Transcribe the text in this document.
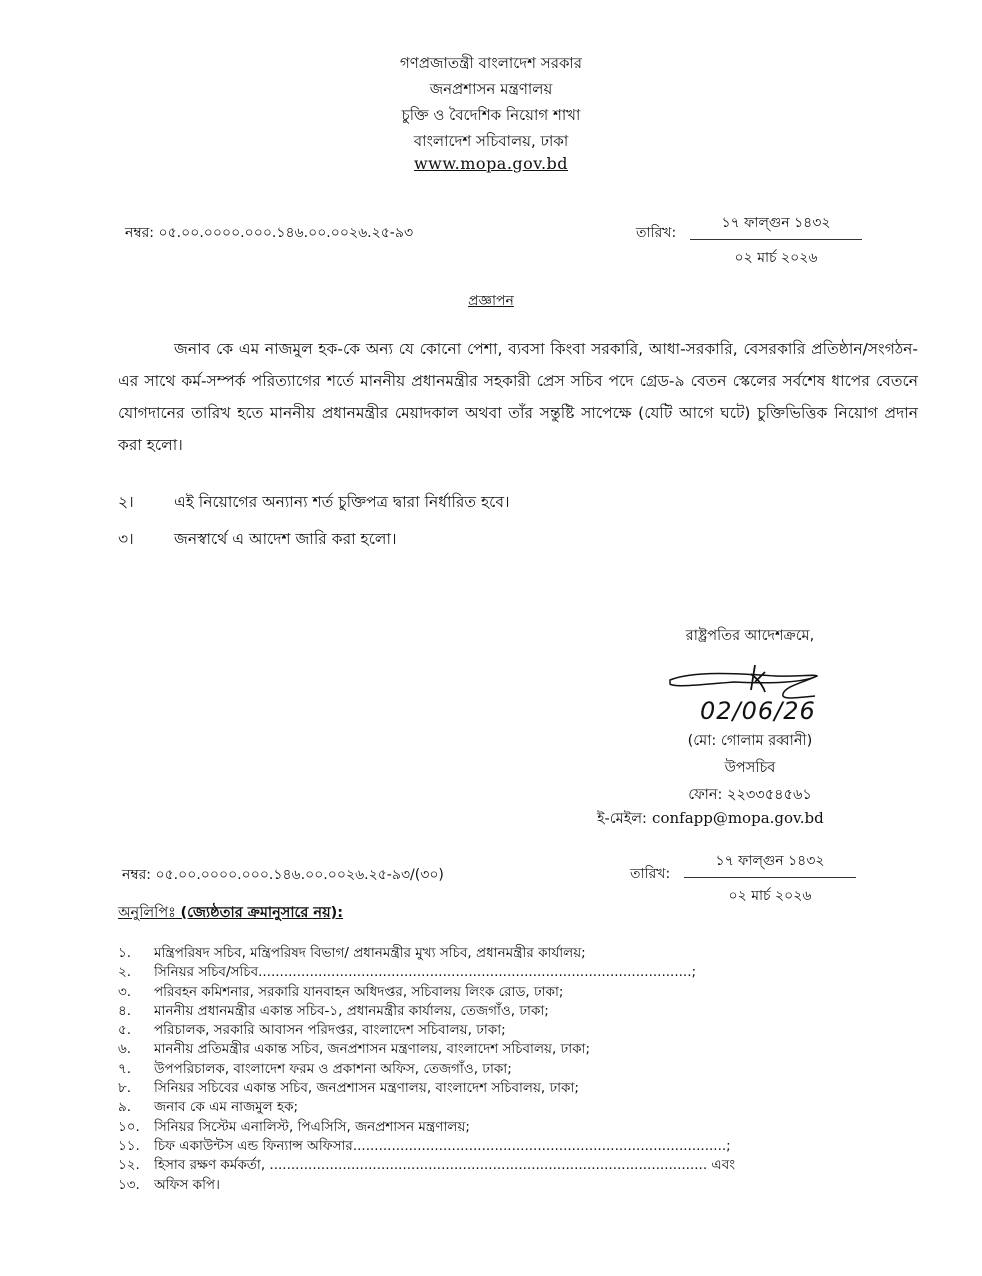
গণপ্রজাতন্ত্রী বাংলাদেশ সরকার
জনপ্রশাসন মন্ত্রণালয়
চুক্তি ও বৈদেশিক নিয়োগ শাখা
বাংলাদেশ সচিবালয়, ঢাকা
www.mopa.gov.bd
নম্বর: ০৫.০০.০০০০.০০০.১৪৬.০০.০০২৬.২৫-৯৩	তারিখ:
১৭ ফাল্গুন ১৪৩২
০২ মার্চ ২০২৬
প্রজ্ঞাপন
জনাব কে এম নাজমুল হক-কে অন্য যে কোনো পেশা, ব্যবসা কিংবা সরকারি, আধা-সরকারি, বেসরকারি প্রতিষ্ঠান/সংগঠন-এর সাথে কর্ম-সম্পর্ক পরিত্যাগের শর্তে মাননীয় প্রধানমন্ত্রীর সহকারী প্রেস সচিব পদে গ্রেড-৯ বেতন স্কেলের সর্বশেষ ধাপের বেতনে যোগদানের তারিখ হতে মাননীয় প্রধানমন্ত্রীর মেয়াদকাল অথবা তাঁর সন্তুষ্টি সাপেক্ষে (যেটি আগে ঘটে) চুক্তিভিত্তিক নিয়োগ প্রদান করা হলো।
২।	এই নিয়োগের অন্যান্য শর্ত চুক্তিপত্র দ্বারা নির্ধারিত হবে।
৩।	জনস্বার্থে এ আদেশ জারি করা হলো।
রাষ্ট্রপতির আদেশক্রমে,
02/06/26
(মো: গোলাম রব্বানী)
উপসচিব
ফোন: ২২৩৩৫৪৫৬১
ই-মেইল: confapp@mopa.gov.bd
নম্বর: ০৫.০০.০০০০.০০০.১৪৬.০০.০০২৬.২৫-৯৩/(৩০)	তারিখ:
১৭ ফাল্গুন ১৪৩২
০২ মার্চ ২০২৬
অনুলিপিঃ (জ্যেষ্ঠতার ক্রমানুসারে নয়):
১. মন্ত্রিপরিষদ সচিব, মন্ত্রিপরিষদ বিভাগ/ প্রধানমন্ত্রীর মুখ্য সচিব, প্রধানমন্ত্রীর কার্যালয়;
২. সিনিয়র সচিব/সচিব.....................................................................................................;
৩. পরিবহন কমিশনার, সরকারি যানবাহন অধিদপ্তর, সচিবালয় লিংক রোড, ঢাকা;
৪. মাননীয় প্রধানমন্ত্রীর একান্ত সচিব-১, প্রধানমন্ত্রীর কার্যালয়, তেজগাঁও, ঢাকা;
৫. পরিচালক, সরকারি আবাসন পরিদপ্তর, বাংলাদেশ সচিবালয়, ঢাকা;
৬. মাননীয় প্রতিমন্ত্রীর একান্ত সচিব, জনপ্রশাসন মন্ত্রণালয়, বাংলাদেশ সচিবালয়, ঢাকা;
৭. উপপরিচালক, বাংলাদেশ ফরম ও প্রকাশনা অফিস, তেজগাঁও, ঢাকা;
৮. সিনিয়র সচিবের একান্ত সচিব, জনপ্রশাসন মন্ত্রণালয়, বাংলাদেশ সচিবালয়, ঢাকা;
৯. জনাব কে এম নাজমুল হক;
১০. সিনিয়র সিস্টেম এনালিস্ট, পিএসিসি, জনপ্রশাসন মন্ত্রণালয়;
১১. চিফ একাউন্টস এন্ড ফিন্যান্স অফিসার.......................................................................................;
১২. হিসাব রক্ষণ কর্মকর্তা, ...................................................................................................... এবং
১৩. অফিস কপি।
